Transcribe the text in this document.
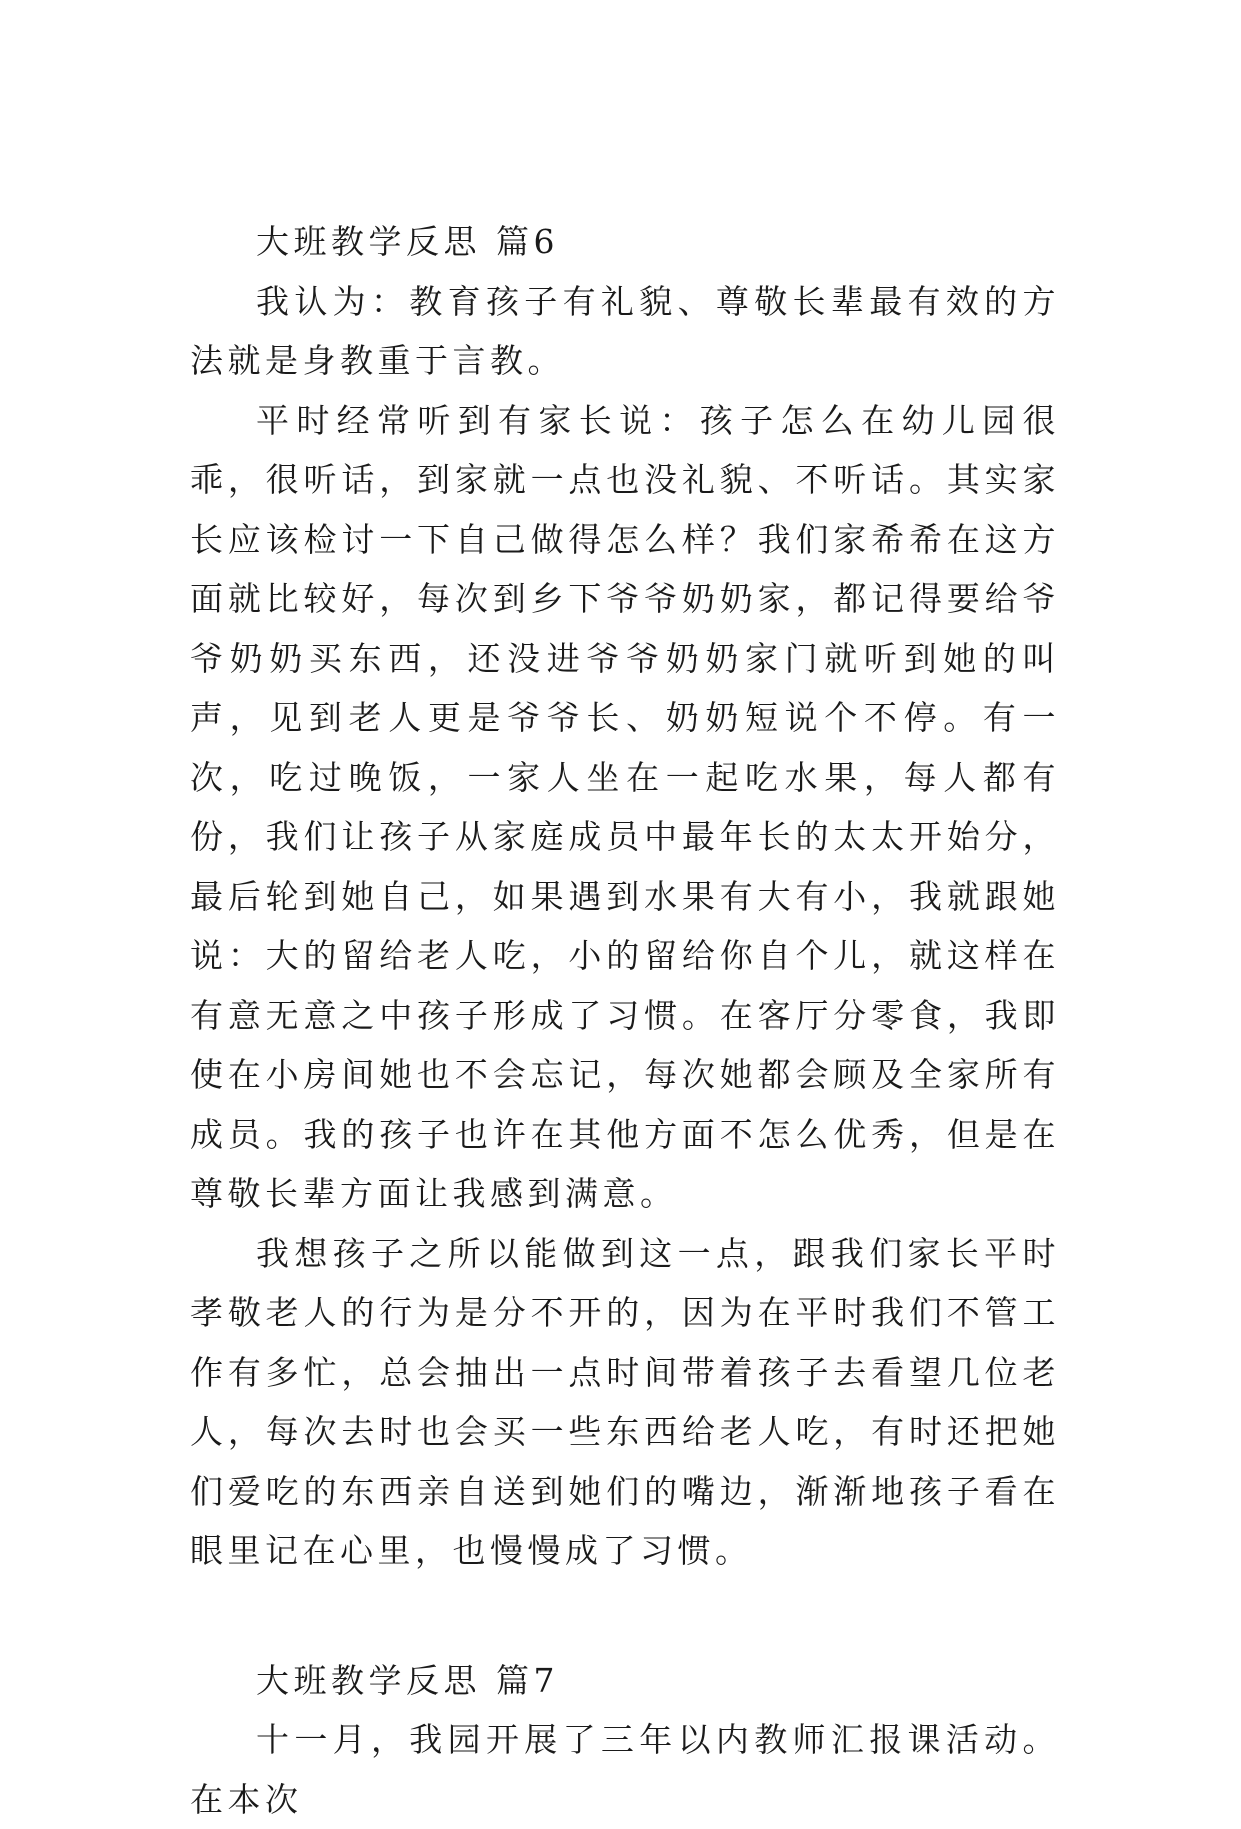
大班教学反思 篇6

我认为：教育孩子有礼貌、尊敬长辈最有效的方法就是身教重于言教。

平时经常听到有家长说：孩子怎么在幼儿园很乖，很听话，到家就一点也没礼貌、不听话。其实家长应该检讨一下自己做得怎么样？我们家希希在这方面就比较好，每次到乡下爷爷奶奶家，都记得要给爷爷奶奶买东西，还没进爷爷奶奶家门就听到她的叫声，见到老人更是爷爷长、奶奶短说个不停。有一次，吃过晚饭，一家人坐在一起吃水果，每人都有份，我们让孩子从家庭成员中最年长的太太开始分，最后轮到她自己，如果遇到水果有大有小，我就跟她说：大的留给老人吃，小的留给你自个儿，就这样在有意无意之中孩子形成了习惯。在客厅分零食，我即使在小房间她也不会忘记，每次她都会顾及全家所有成员。我的孩子也许在其他方面不怎么优秀，但是在尊敬长辈方面让我感到满意。

我想孩子之所以能做到这一点，跟我们家长平时孝敬老人的行为是分不开的，因为在平时我们不管工作有多忙，总会抽出一点时间带着孩子去看望几位老人，每次去时也会买一些东西给老人吃，有时还把她们爱吃的东西亲自送到她们的嘴边，渐渐地孩子看在眼里记在心里，也慢慢成了习惯。

大班教学反思 篇7

十一月，我园开展了三年以内教师汇报课活动。在本次
